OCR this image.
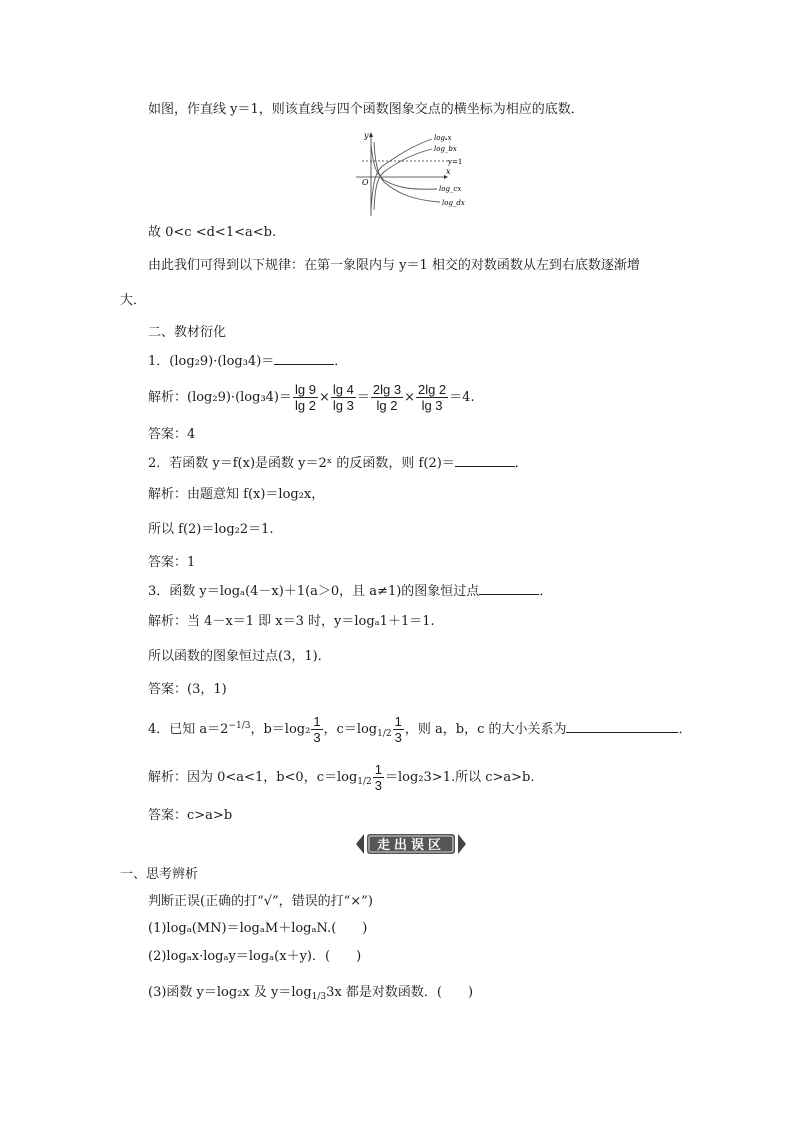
如图，作直线 y＝1，则该直线与四个函数图象交点的横坐标为相应的底数．
y
x
O
y=1
logₐx
log_bx
log_cx
log_dx
故 0<c <d<1<a<b.
由此我们可得到以下规律：在第一象限内与 y＝1 相交的对数函数从左到右底数逐渐增
大．
二、教材衍化
1．(log₂9)·(log₃4)＝	．
解析：$(\log_29)\cdot(\log_34)= \frac{\lg 9}{\lg 2} \times \frac{\lg 4}{\lg 3} = \frac{2\lg 3}{\lg 2} \times \frac{2\lg 2}{\lg 3} =4$.
答案：4
2．若函数 y＝f(x)是函数 y＝2ˣ 的反函数，则 f(2)＝	．
解析：由题意知 f(x)＝log₂x，
所以 f(2)＝log₂2＝1.
答案：1
3．函数 y＝logₐ(4－x)＋1(a＞0，且 a≠1)的图象恒过点	．
解析：当 4－x＝1 即 x＝3 时，y＝logₐ1＋1＝1.
所以函数的图象恒过点(3，1)．
答案：(3，1)
4．已知 $a=2^{-1/3}$，$b=\log_2 \frac{1}{3}$ ，$c=\log_{1/2} \frac{1}{3}$ ，则 a，b，c 的大小关系为	．
解析：因为 0<a<1，b<0，$c=\log_{1/2} \frac{1}{3} =\log_23>1$.所以 c>a>b.
答案：c>a>b
走出误区
一、思考辨析
判断正误(正确的打“√”，错误的打“×”)
(1)logₐ(MN)＝logₐM＋logₐN.(　　)
(2)logₐx·logₐy＝logₐ(x＋y)．(　　)
(3)函数 y＝log₂x 及 $y=\log_{1/3}3x$ 都是对数函数．(　　)
